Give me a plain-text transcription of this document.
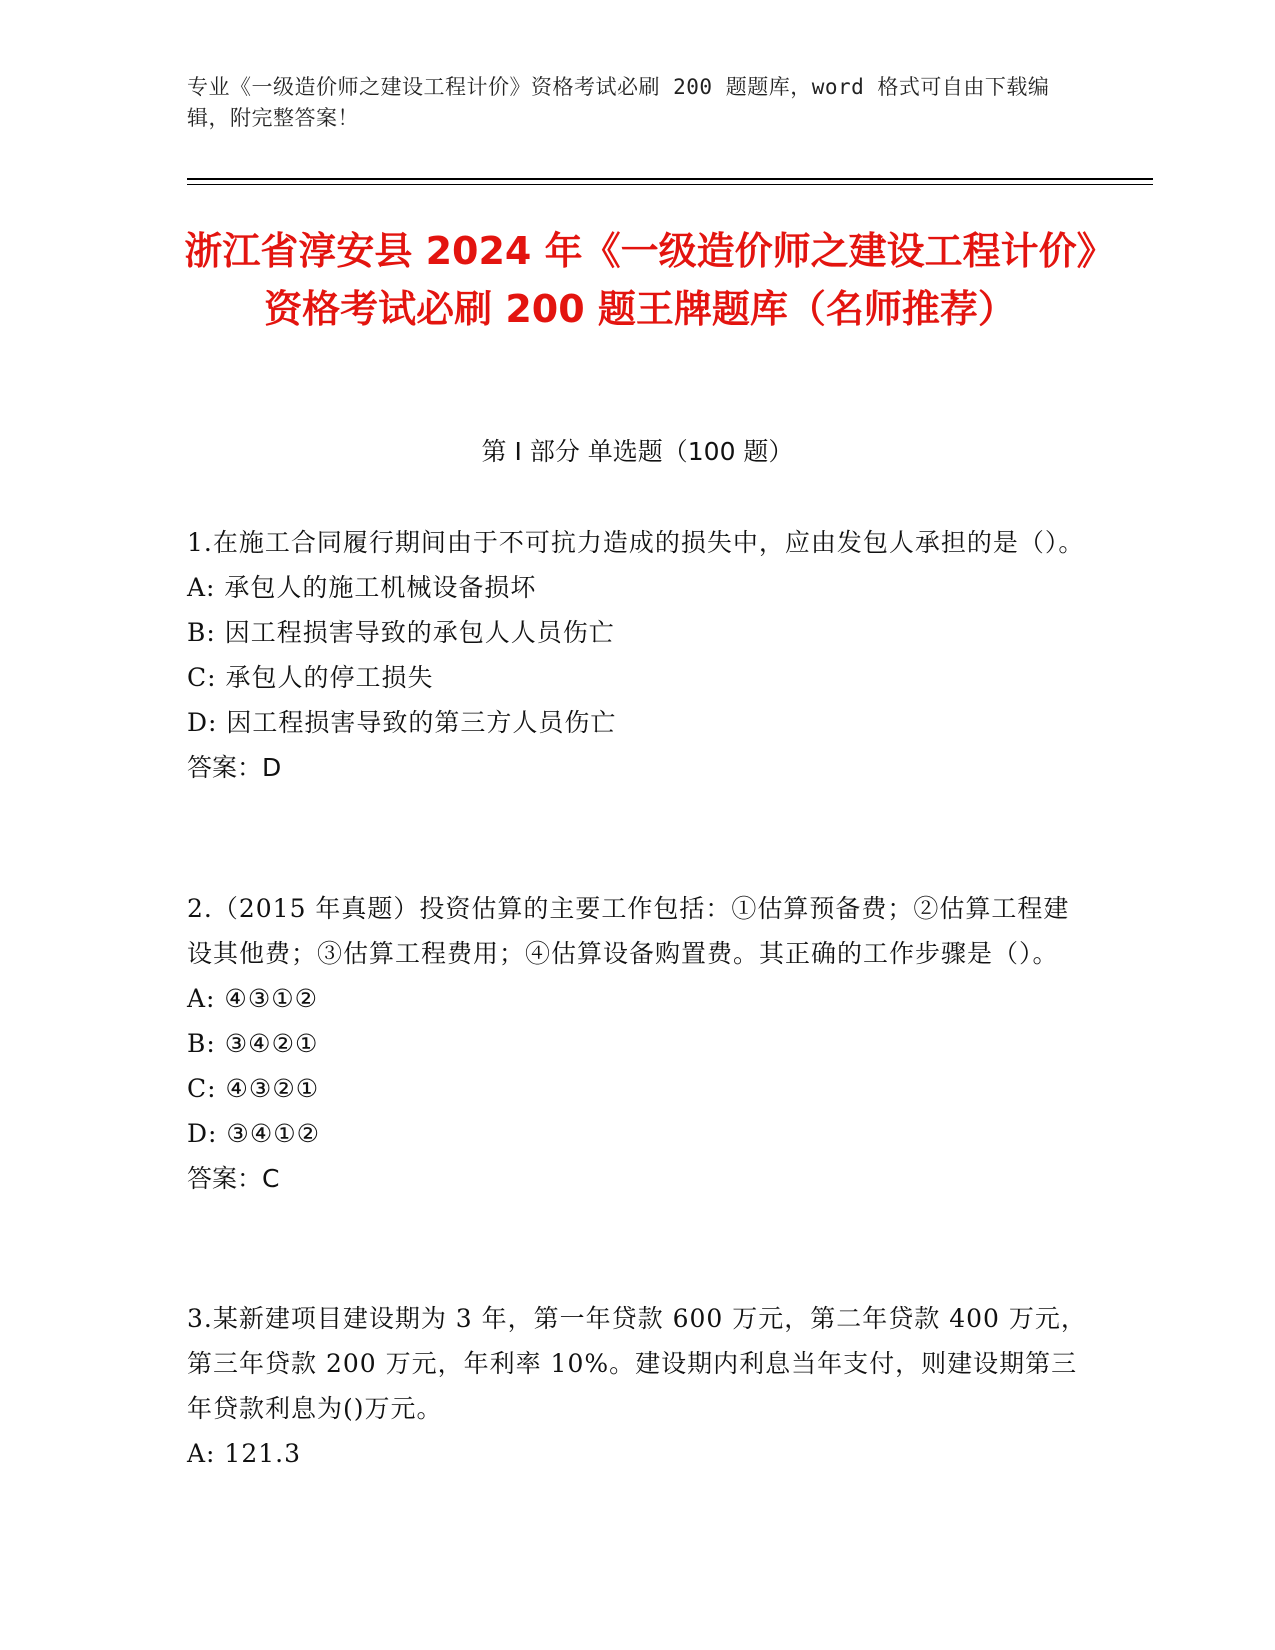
专业《一级造价师之建设工程计价》资格考试必刷 200 题题库，word 格式可自由下载编辑，附完整答案！
浙江省淳安县 2024 年《一级造价师之建设工程计价》资格考试必刷 200 题王牌题库（名师推荐）
第 I 部分 单选题（100 题）
1.在施工合同履行期间由于不可抗力造成的损失中，应由发包人承担的是（）。
A: 承包人的施工机械设备损坏
B: 因工程损害导致的承包人人员伤亡
C: 承包人的停工损失
D: 因工程损害导致的第三方人员伤亡
答案：D
2.（2015 年真题）投资估算的主要工作包括：①估算预备费；②估算工程建设其他费；③估算工程费用；④估算设备购置费。其正确的工作步骤是（）。
A: ④③①②
B: ③④②①
C: ④③②①
D: ③④①②
答案：C
3.某新建项目建设期为 3 年，第一年贷款 600 万元，第二年贷款 400 万元，第三年贷款 200 万元，年利率 10%。建设期内利息当年支付，则建设期第三年贷款利息为()万元。
A: 121.3
